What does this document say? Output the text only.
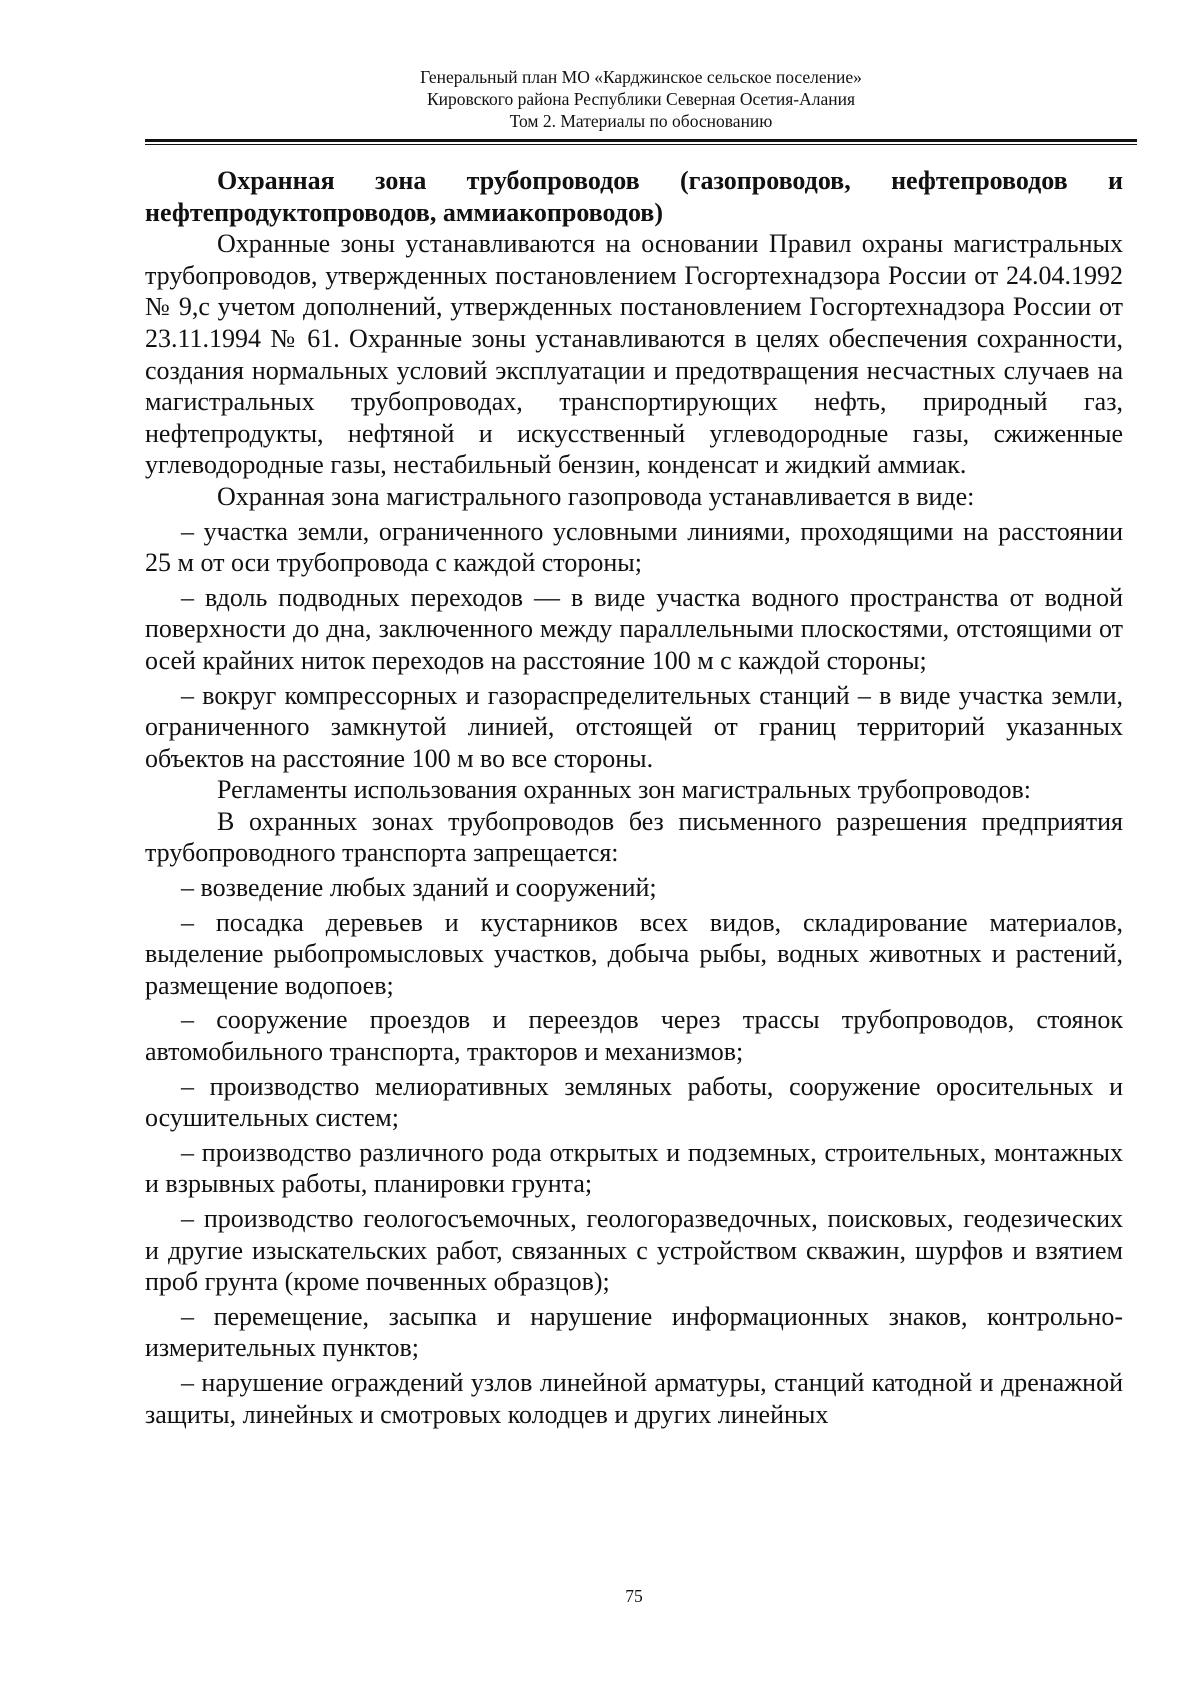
Генеральный план МО «Карджинское сельское поселение»
Кировского района Республики Северная Осетия-Алания
Том 2. Материалы по обоснованию

Охранная зона трубопроводов (газопроводов, нефтепроводов и нефтепродуктопроводов, аммиакопроводов)

Охранные зоны устанавливаются на основании Правил охраны магистральных трубопроводов, утвержденных постановлением Госгортехнадзора России от 24.04.1992 № 9,с учетом дополнений, утвержденных постановлением Госгортехнадзора России от 23.11.1994 № 61. Охранные зоны устанавливаются в целях обеспечения сохранности, создания нормальных условий эксплуатации и предотвращения несчастных случаев на магистральных трубопроводах, транспортирующих нефть, природный газ, нефтепродукты, нефтяной и искусственный углеводородные газы, сжиженные углеводородные газы, нестабильный бензин, конденсат и жидкий аммиак.

Охранная зона магистрального газопровода устанавливается в виде:

– участка земли, ограниченного условными линиями, проходящими на расстоянии 25 м от оси трубопровода с каждой стороны;

– вдоль подводных переходов — в виде участка водного пространства от водной поверхности до дна, заключенного между параллельными плоскостями, отстоящими от осей крайних ниток переходов на расстояние 100 м с каждой стороны;

– вокруг компрессорных и газораспределительных станций – в виде участка земли, ограниченного замкнутой линией, отстоящей от границ территорий указанных объектов на расстояние 100 м во все стороны.

Регламенты использования охранных зон магистральных трубопроводов:

В охранных зонах трубопроводов без письменного разрешения предприятия трубопроводного транспорта запрещается:

– возведение любых зданий и сооружений;

– посадка деревьев и кустарников всех видов, складирование материалов, выделение рыбопромысловых участков, добыча рыбы, водных животных и растений, размещение водопоев;

– сооружение проездов и переездов через трассы трубопроводов, стоянок автомобильного транспорта, тракторов и механизмов;

– производство мелиоративных земляных работы, сооружение оросительных и осушительных систем;

– производство различного рода открытых и подземных, строительных, монтажных и взрывных работы, планировки грунта;

– производство геологосъемочных, геологоразведочных, поисковых, геодезических и другие изыскательских работ, связанных с устройством скважин, шурфов и взятием проб грунта (кроме почвенных образцов);

– перемещение, засыпка и нарушение информационных знаков, контрольно-измерительных пунктов;

– нарушение ограждений узлов линейной арматуры, станций катодной и дренажной защиты, линейных и смотровых колодцев и других линейных

75
